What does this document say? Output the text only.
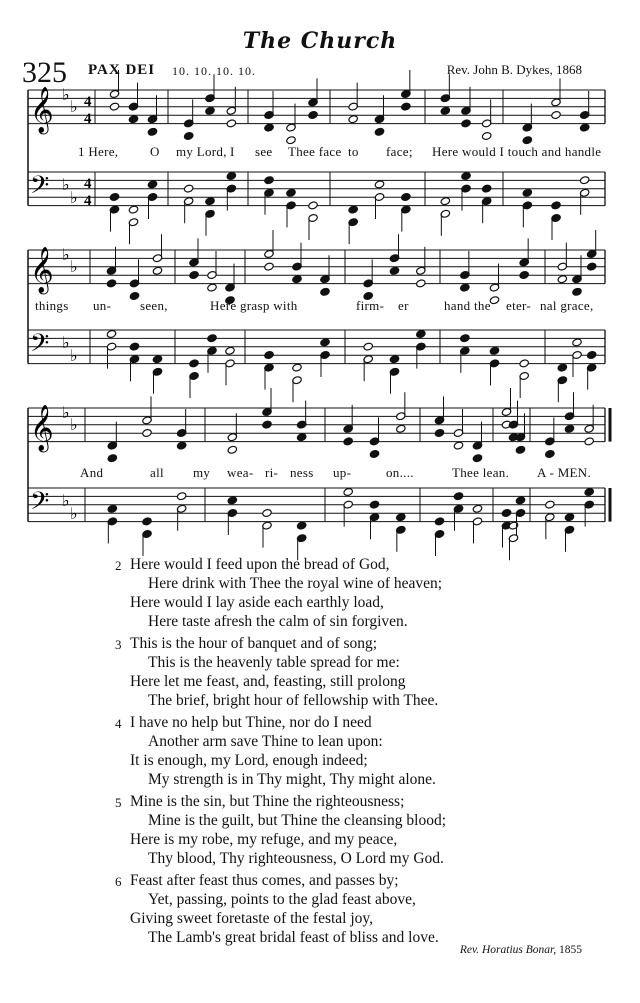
The Church
325 PAX DEI 10. 10. 10. 10.	Rev. John B. Dykes, 1868
𝄞 ♭
♭ 4
4
𝄢 ♭
♭
4
4
𝄞 ♭
♭
𝄢 ♭
♭
𝄞 ♭
♭
𝄢 ♭
♭
1 Here, O my Lord, I see Thee face to face; Here would I touch and handle
things un- seen,	Here grasp with	firm- er	hand the eter- nal grace,
And	all my wea- ri- ness up-	on....	Thee lean. A - MEN.
2 Here would I feed upon the bread of God,
Here drink with Thee the royal wine of heaven;
Here would I lay aside each earthly load,
Here taste afresh the calm of sin forgiven.
3 This is the hour of banquet and of song;
This is the heavenly table spread for me:
Here let me feast, and, feasting, still prolong
The brief, bright hour of fellowship with Thee.
4 I have no help but Thine, nor do I need
Another arm save Thine to lean upon:
It is enough, my Lord, enough indeed;
My strength is in Thy might, Thy might alone.
5 Mine is the sin, but Thine the righteousness;
Mine is the guilt, but Thine the cleansing blood;
Here is my robe, my refuge, and my peace,
Thy blood, Thy righteousness, O Lord my God.
6 Feast after feast thus comes, and passes by;
Yet, passing, points to the glad feast above,
Giving sweet foretaste of the festal joy,
The Lamb's great bridal feast of bliss and love.
Rev. Horatius Bonar, 1855
